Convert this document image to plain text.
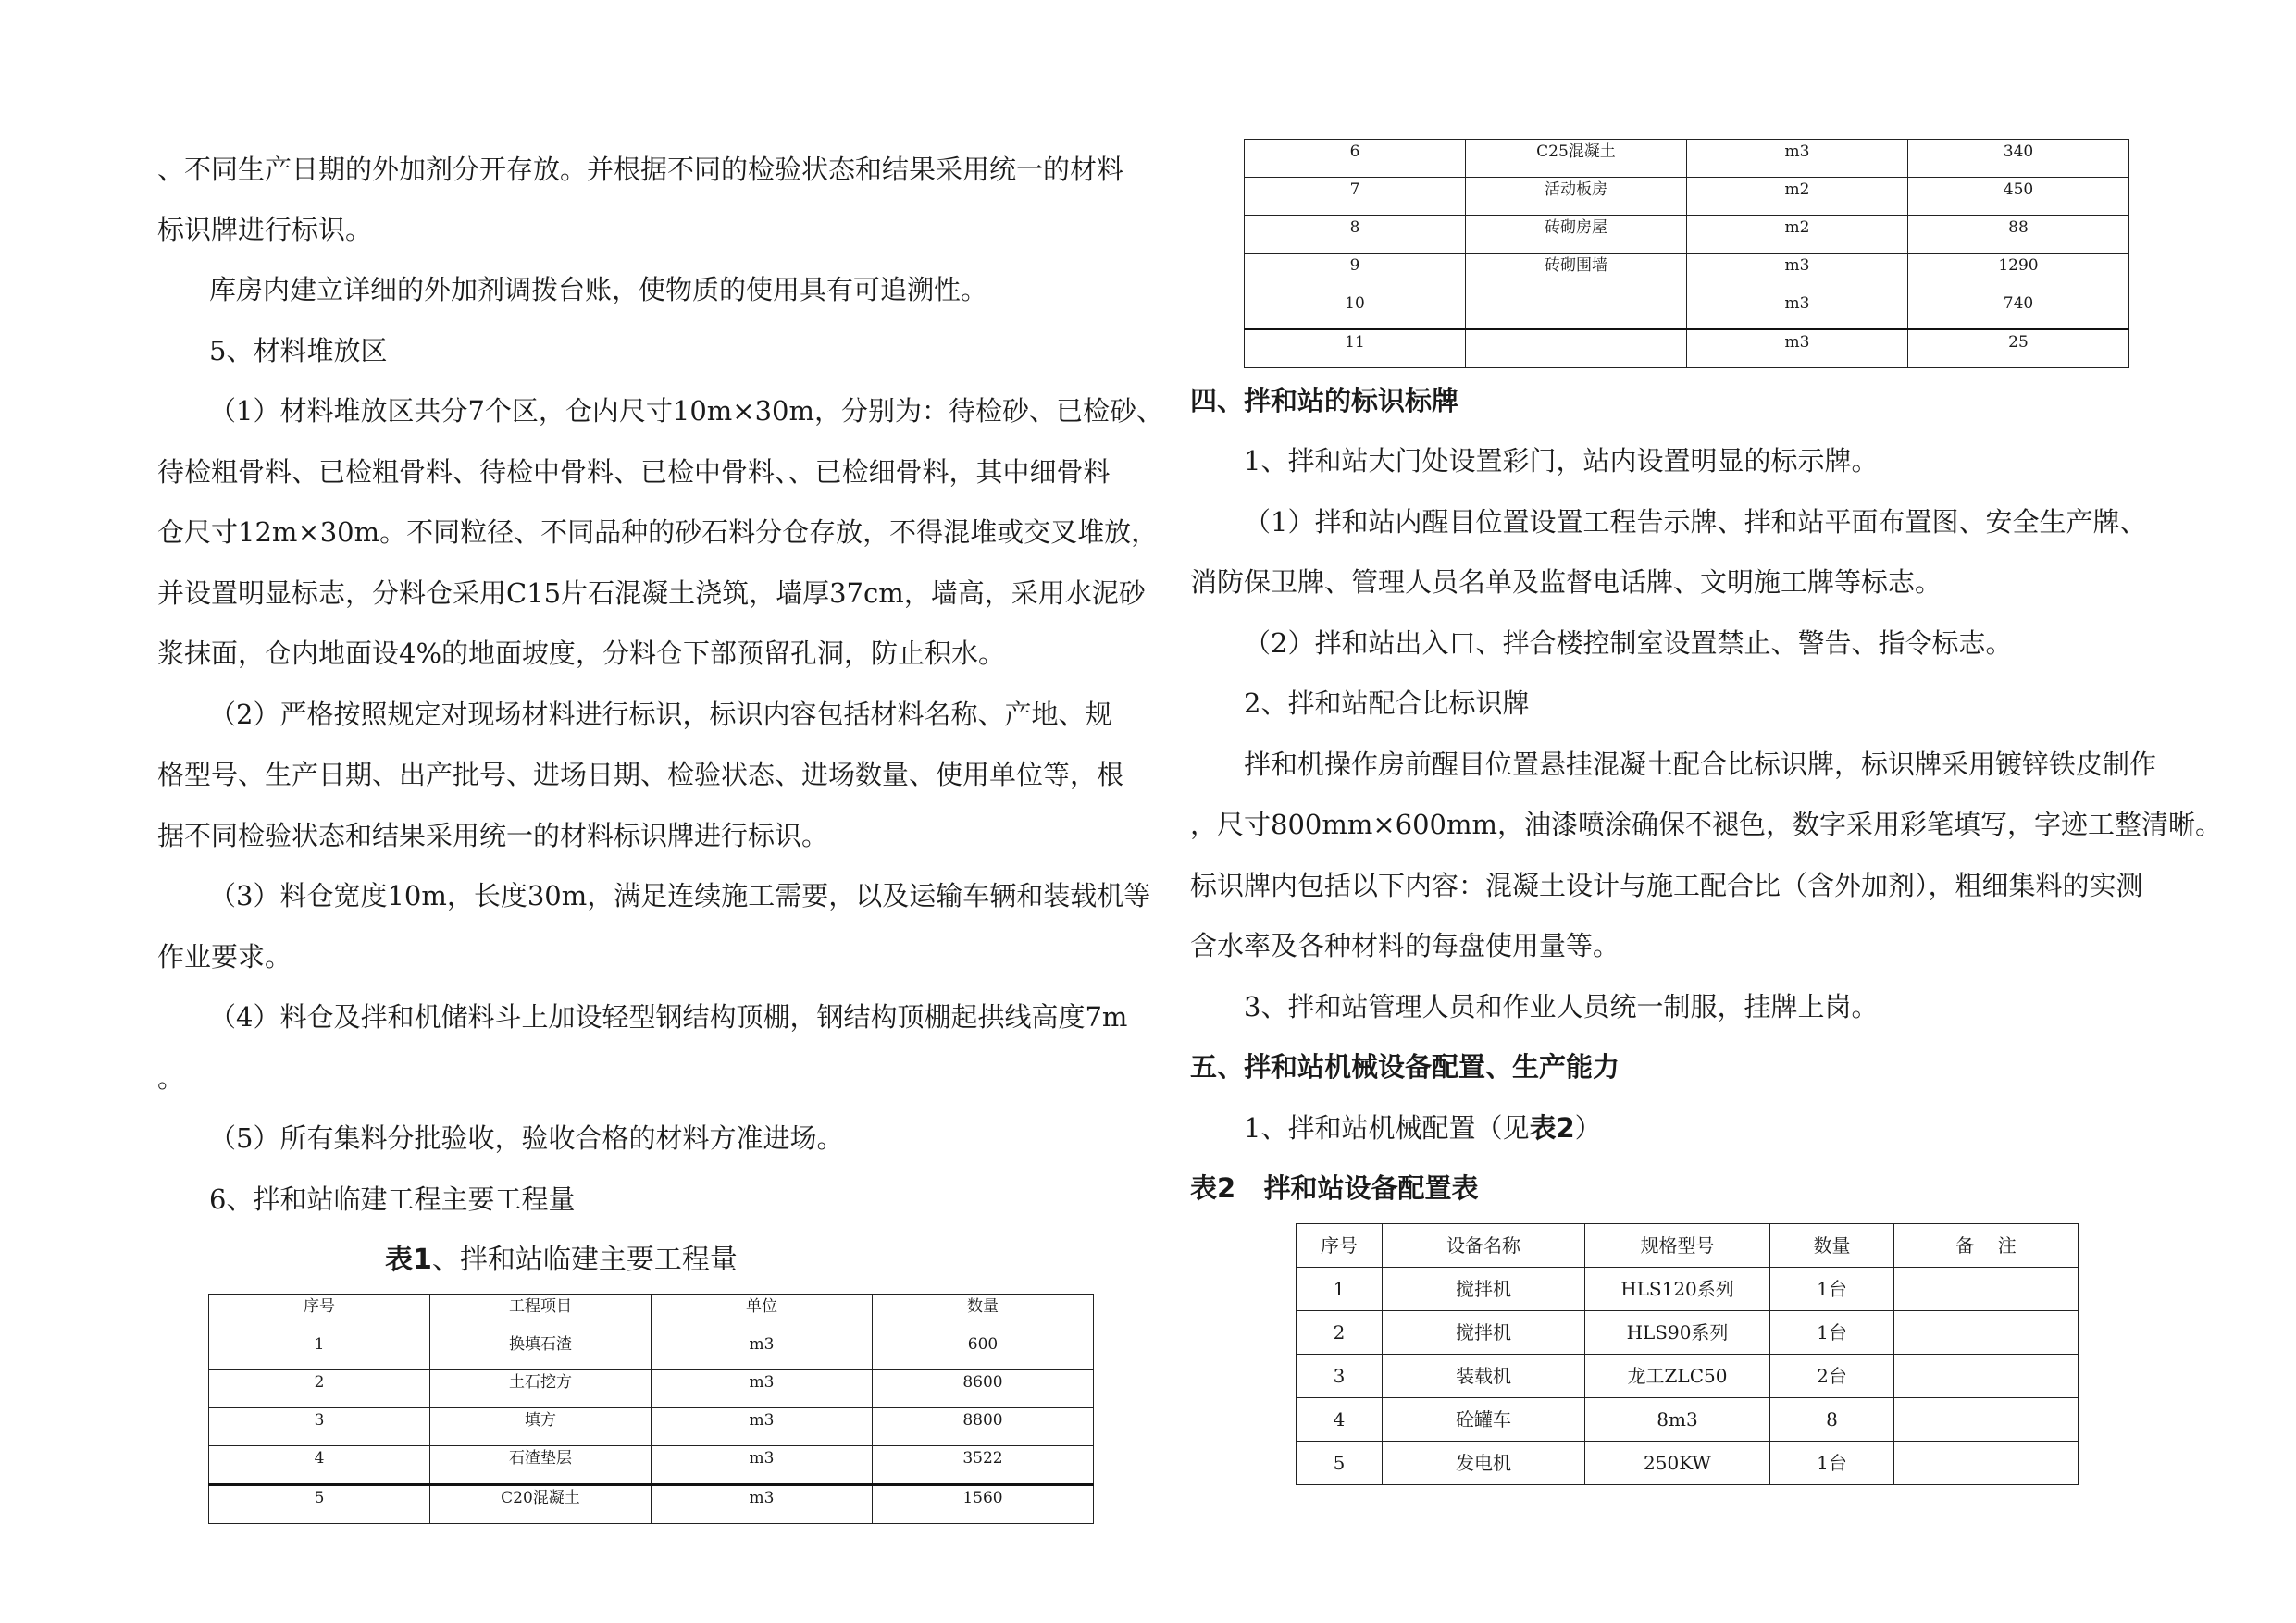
、不同生产日期的外加剂分开存放。并根据不同的检验状态和结果采用统一的材料
标识牌进行标识。
库房内建立详细的外加剂调拨台账，使物质的使用具有可追溯性。
5、材料堆放区
（1）材料堆放区共分7个区，仓内尺寸10m×30m，分别为：待检砂、已检砂、
待检粗骨料、已检粗骨料、待检中骨料、已检中骨料、、已检细骨料，其中细骨料
仓尺寸12m×30m。不同粒径、不同品种的砂石料分仓存放，不得混堆或交叉堆放，
并设置明显标志，分料仓采用C15片石混凝土浇筑，墙厚37cm，墙高，采用水泥砂
浆抹面，仓内地面设4%的地面坡度，分料仓下部预留孔洞，防止积水。
（2）严格按照规定对现场材料进行标识，标识内容包括材料名称、产地、规
格型号、生产日期、出产批号、进场日期、检验状态、进场数量、使用单位等，根
据不同检验状态和结果采用统一的材料标识牌进行标识。
（3）料仓宽度10m，长度30m，满足连续施工需要，以及运输车辆和装载机等
作业要求。
（4）料仓及拌和机储料斗上加设轻型钢结构顶棚，钢结构顶棚起拱线高度7m
。
（5）所有集料分批验收，验收合格的材料方准进场。
6、拌和站临建工程主要工程量
表1、拌和站临建主要工程量
序号	工程项目	单位	数量
1	换填石渣	m3	600
2	土石挖方	m3	8600
3	填方	m3	8800
4	石渣垫层	m3	3522
5	C20混凝土	m3	1560
6	C25混凝土	m3	340
7	活动板房	m2	450
8	砖砌房屋	m2	88
9	砖砌围墙	m3	1290
10		m3	740
11		m3	25
四、拌和站的标识标牌
1、拌和站大门处设置彩门，站内设置明显的标示牌。
（1）拌和站内醒目位置设置工程告示牌、拌和站平面布置图、安全生产牌、
消防保卫牌、管理人员名单及监督电话牌、文明施工牌等标志。
（2）拌和站出入口、拌合楼控制室设置禁止、警告、指令标志。
2、拌和站配合比标识牌
拌和机操作房前醒目位置悬挂混凝土配合比标识牌，标识牌采用镀锌铁皮制作
，尺寸800mm×600mm，油漆喷涂确保不褪色，数字采用彩笔填写，字迹工整清晰。
标识牌内包括以下内容：混凝土设计与施工配合比（含外加剂），粗细集料的实测
含水率及各种材料的每盘使用量等。
3、拌和站管理人员和作业人员统一制服，挂牌上岗。
五、拌和站机械设备配置、生产能力
1、拌和站机械配置（见表2）
表2   拌和站设备配置表
序号	设备名称	规格型号	数量	备    注
1	搅拌机	HLS120系列	1台	
2	搅拌机	HLS90系列	1台	
3	装载机	龙工ZLC50	2台	
4	砼罐车	8m3	8	
5	发电机	250KW	1台	
